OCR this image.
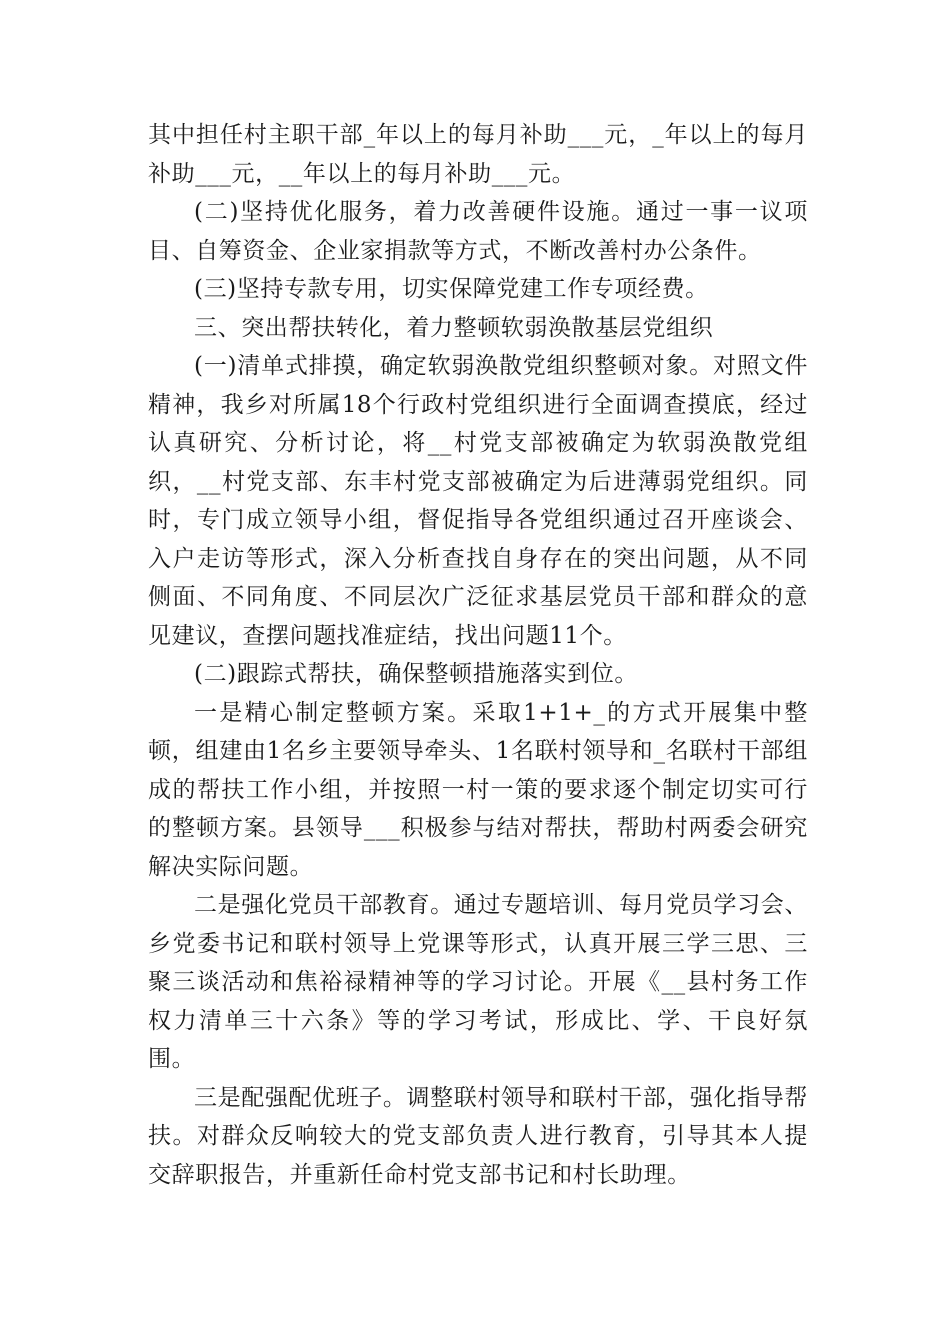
其中担任村主职干部_年以上的每月补助___元，_年以上的每月补助___元，__年以上的每月补助___元。

(二)坚持优化服务，着力改善硬件设施。通过一事一议项目、自筹资金、企业家捐款等方式，不断改善村办公条件。

(三)坚持专款专用，切实保障党建工作专项经费。

三、突出帮扶转化，着力整顿软弱涣散基层党组织

(一)清单式排摸，确定软弱涣散党组织整顿对象。对照文件精神，我乡对所属18个行政村党组织进行全面调查摸底，经过认真研究、分析讨论，将__村党支部被确定为软弱涣散党组织，__村党支部、东丰村党支部被确定为后进薄弱党组织。同时，专门成立领导小组，督促指导各党组织通过召开座谈会、入户走访等形式，深入分析查找自身存在的突出问题，从不同侧面、不同角度、不同层次广泛征求基层党员干部和群众的意见建议，查摆问题找准症结，找出问题11个。

(二)跟踪式帮扶，确保整顿措施落实到位。

一是精心制定整顿方案。采取1+1+_的方式开展集中整顿，组建由1名乡主要领导牵头、1名联村领导和_名联村干部组成的帮扶工作小组，并按照一村一策的要求逐个制定切实可行的整顿方案。县领导___积极参与结对帮扶，帮助村两委会研究解决实际问题。

二是强化党员干部教育。通过专题培训、每月党员学习会、乡党委书记和联村领导上党课等形式，认真开展三学三思、三聚三谈活动和焦裕禄精神等的学习讨论。开展《__县村务工作权力清单三十六条》等的学习考试，形成比、学、干良好氛围。

三是配强配优班子。调整联村领导和联村干部，强化指导帮扶。对群众反响较大的党支部负责人进行教育，引导其本人提交辞职报告，并重新任命村党支部书记和村长助理。
